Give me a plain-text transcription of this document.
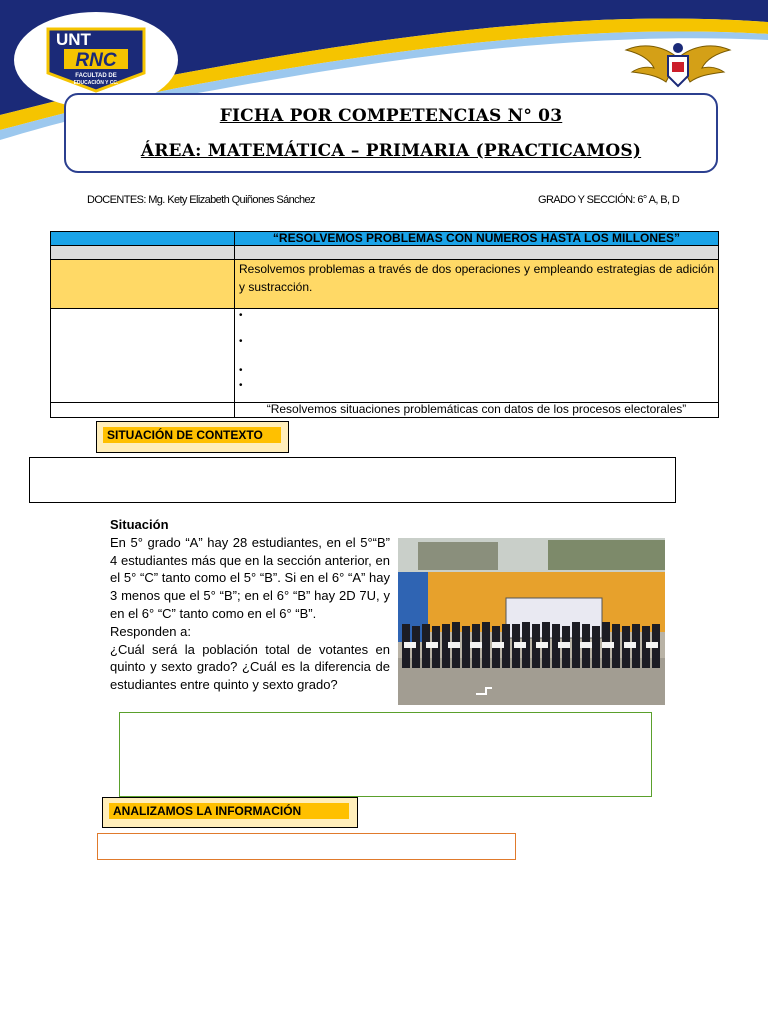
UNT
RNC
FACULTAD DE
EDUCACIÓN Y CC.
FICHA POR COMPETENCIAS N° 03
ÁREA: MATEMÁTICA – PRIMARIA (PRACTICAMOS)
DOCENTES: Mg. Kety Elizabeth Quiñones Sánchez	GRADO Y SECCIÓN: 6° A, B, D
	“RESOLVEMOS PROBLEMAS CON NUMEROS HASTA LOS MILLONES”

	Resolvemos problemas a través de dos operaciones y empleando estrategias de adición y sustracción.

	•
•
•
•

	“Resolvemos situaciones problemáticas con datos de los procesos electorales”
SITUACIÓN DE CONTEXTO
Situación
En 5° grado “A” hay 28 estudiantes, en el 5°“B” 4 estudiantes más que en la sección anterior, en el 5° “C” tanto como el 5° “B”. Si en el 6° “A” hay 3 menos que el 5° “B”; en el 6° “B” hay 2D 7U, y en el 6° “C” tanto como en el 6° “B”.
Responden a:
¿Cuál será la población total de votantes en quinto y sexto grado? ¿Cuál es la diferencia de estudiantes entre quinto y sexto grado?
ANALIZAMOS LA INFORMACIÓN
